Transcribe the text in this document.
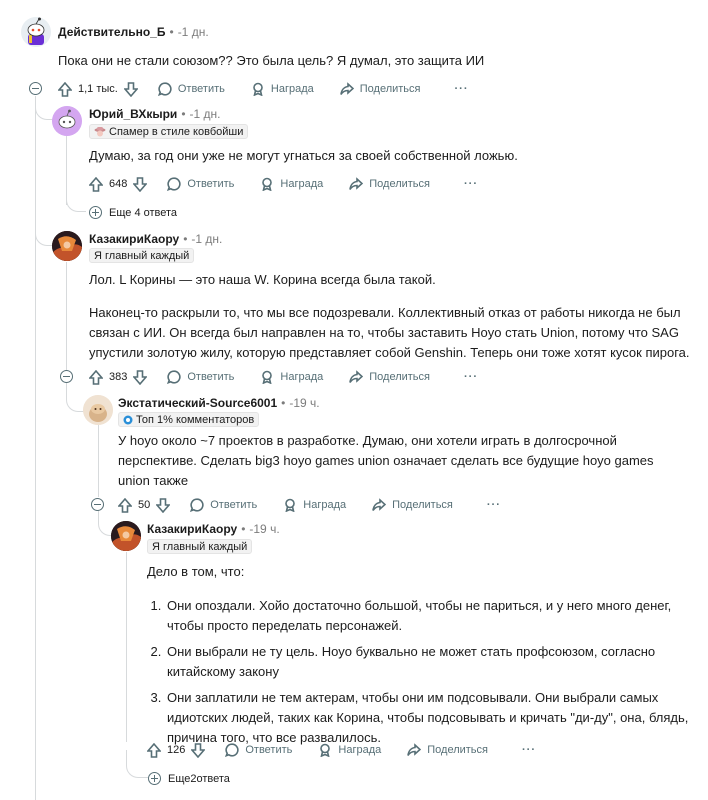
Действительно_Б • -1 дн.
Пока они не стали союзом?? Это была цель? Я думал, это защита ИИ
1,1 тыс.	Ответить	Награда	Поделиться	···
Юрий_ВХкыри • -1 дн.
Спамер в стиле ковбойши
Думаю, за год они уже не могут угнаться за своей собственной ложью.
648	Ответить	Награда	Поделиться	···
Еще 4 ответа
КазакириКаору • -1 дн.
Я главный каждый
Лол. L Корины — это наша W. Корина всегда была такой.
Наконец-то раскрыли то, что мы все подозревали. Коллективный отказ от работы никогда не был связан с ИИ. Он всегда был направлен на то, чтобы заставить Hoyo стать Union, потому что SAG упустили золотую жилу, которую представляет собой Genshin. Теперь они тоже хотят кусок пирога.
383	Ответить	Награда	Поделиться	···
Экстатический-Source6001 • -19 ч.
Топ 1% комментаторов
У hoyo около ~7 проектов в разработке. Думаю, они хотели играть в долгосрочной перспективе. Сделать big3 hoyo games union означает сделать все будущие hoyo games union также
50	Ответить	Награда	Поделиться	···
КазакириКаору • -19 ч.
Я главный каждый
Дело в том, что:
1. Они опоздали. Хойо достаточно большой, чтобы не париться, и у него много денег, чтобы просто переделать персонажей.
2. Они выбрали не ту цель. Hoyo буквально не может стать профсоюзом, согласно китайскому закону
3. Они заплатили не тем актерам, чтобы они им подсовывали. Они выбрали самых идиотских людей, таких как Корина, чтобы подсовывать и кричать "ди-ду", она, блядь, причина того, что все развалилось.
126	Ответить	Награда	Поделиться	···
Еще2ответа
